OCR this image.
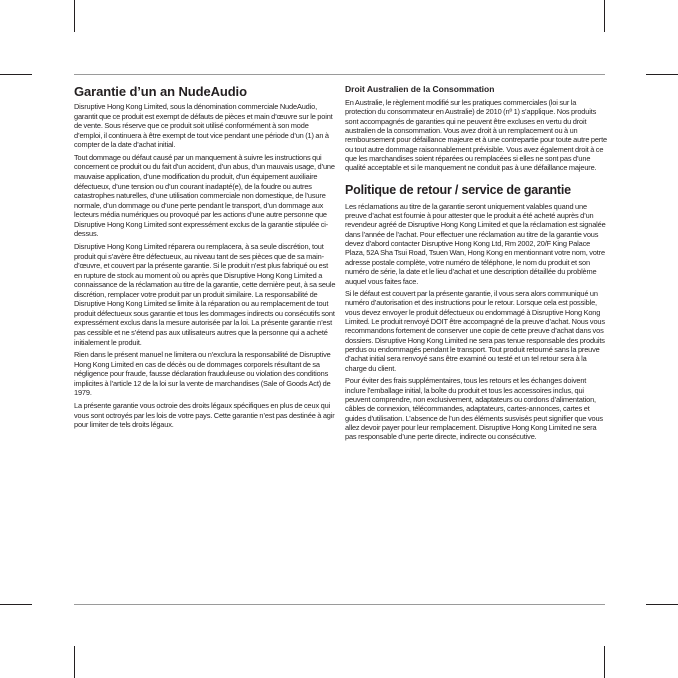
Garantie d’un an NudeAudio

Disruptive Hong Kong Limited, sous la dénomination commerciale NudeAudio, garantit que ce produit est exempt de défauts de pièces et main d’œuvre sur le point de vente. Sous réserve que ce produit soit utilisé conformément à son mode d’emploi, il continuera à être exempt de tout vice pendant une période d’un (1) an à compter de la date d’achat initial.

Tout dommage ou défaut causé par un manquement à suivre les instructions qui concernent ce produit ou du fait d’un accident, d’un abus, d’un mauvais usage, d’une mauvaise application, d’une modification du produit, d’un équipement auxiliaire défectueux, d’une tension ou d’un courant inadapté(e), de la foudre ou autres catastrophes naturelles, d’une utilisation commerciale non domestique, de l’usure normale, d’un dommage ou d’une perte pendant le transport, d’un dommage aux lecteurs média numériques ou provoqué par les actions d’une autre personne que Disruptive Hong Kong Limited sont expressément exclus de la garantie stipulée ci-dessus.

Disruptive Hong Kong Limited réparera ou remplacera, à sa seule discrétion, tout produit qui s’avère être défectueux, au niveau tant de ses pièces que de sa main-d’œuvre, et couvert par la présente garantie. Si le produit n’est plus fabriqué ou est en rupture de stock au moment où ou après que Disruptive Hong Kong Limited a connaissance de la réclamation au titre de la garantie, cette dernière peut, à sa seule discrétion, remplacer votre produit par un produit similaire. La responsabilité de Disruptive Hong Kong Limited se limite à la réparation ou au remplacement de tout produit défectueux sous garantie et tous les dommages indirects ou consécutifs sont expressément exclus dans la mesure autorisée par la loi. La présente garantie n’est pas cessible et ne s’étend pas aux utilisateurs autres que la personne qui a acheté initialement le produit.

Rien dans le présent manuel ne limitera ou n’exclura la responsabilité de Disruptive Hong Kong Limited en cas de décès ou de dommages corporels résultant de sa négligence pour fraude, fausse déclaration frauduleuse ou violation des conditions implicites à l’article 12 de la loi sur la vente de marchandises (Sale of Goods Act) de 1979.

La présente garantie vous octroie des droits légaux spécifiques en plus de ceux qui vous sont octroyés par les lois de votre pays. Cette garantie n’est pas destinée à agir pour limiter de tels droits légaux.

Droit Australien de la Consommation

En Australie, le règlement modifié sur les pratiques commerciales (loi sur la protection du consommateur en Australie) de 2010 (nº 1) s’applique. Nos produits sont accompagnés de garanties qui ne peuvent être excluses en vertu du droit australien de la consommation. Vous avez droit à un remplacement ou à un remboursement pour défaillance majeure et à une contrepartie pour toute autre perte ou tout autre dommage raisonnablement prévisible. Vous avez également droit à ce que les marchandises soient réparées ou remplacées si elles ne sont pas d’une qualité acceptable et si le manquement ne conduit pas à une défaillance majeure.

Politique de retour / service de garantie

Les réclamations au titre de la garantie seront uniquement valables quand une preuve d’achat est fournie à pour attester que le produit a été acheté auprès d’un revendeur agréé de Disruptive Hong Kong Limited et que la réclamation est signalée dans l’année de l’achat. Pour effectuer une réclamation au titre de la garantie vous devez d’abord contacter Disruptive Hong Kong Ltd, Rm 2002, 20/F King Palace Plaza, 52A Sha Tsui Road, Tsuen Wan, Hong Kong en mentionnant votre nom, votre adresse postale complète, votre numéro de téléphone, le nom du produit et son numéro de série, la date et le lieu d’achat et une description détaillée du problème auquel vous faites face.

Si le défaut est couvert par la présente garantie, il vous sera alors communiqué un numéro d’autorisation et des instructions pour le retour. Lorsque cela est possible, vous devez envoyer le produit défectueux ou endommagé à Disruptive Hong Kong Limited. Le produit renvoyé DOIT être accompagné de la preuve d’achat. Nous vous recommandons fortement de conserver une copie de cette preuve d’achat dans vos dossiers. Disruptive Hong Kong Limited ne sera pas tenue responsable des produits perdus ou endommagés pendant le transport. Tout produit retourné sans la preuve d’achat initial sera renvoyé sans être examiné ou testé et un tel retour sera à la charge du client.

Pour éviter des frais supplémentaires, tous les retours et les échanges doivent inclure l’emballage initial, la boîte du produit et tous les accessoires inclus, qui peuvent comprendre, non exclusivement, adaptateurs ou cordons d’alimentation, câbles de connexion, télécommandes, adaptateurs, cartes-annonces, cartes et guides d’utilisation. L’absence de l’un des éléments susvisés peut signifier que vous allez devoir payer pour leur remplacement. Disruptive Hong Kong Limited ne sera pas responsable d’une perte directe, indirecte ou consécutive.
